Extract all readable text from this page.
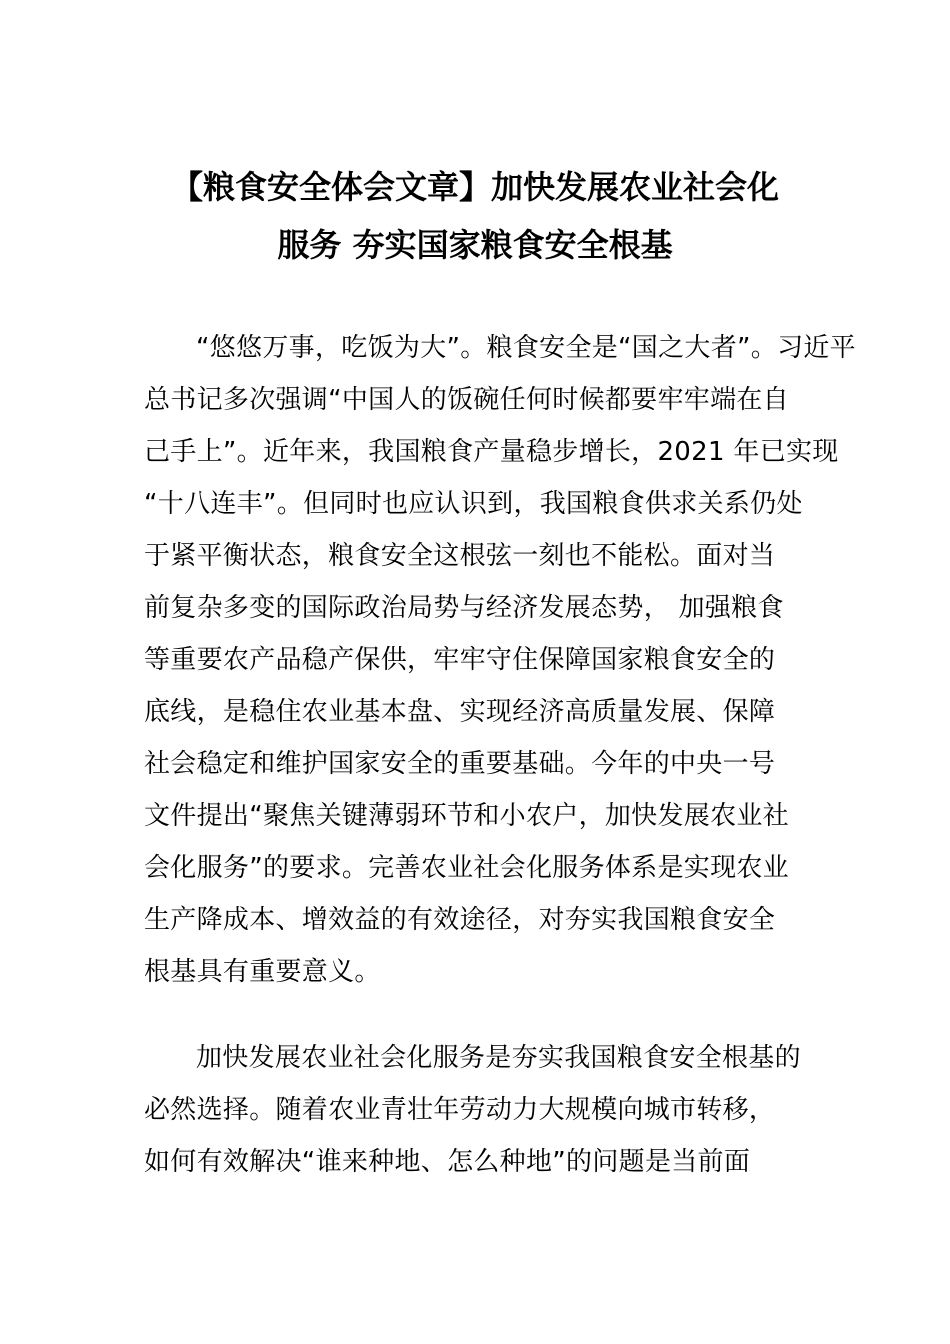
【粮食安全体会文章】加快发展农业社会化
服务 夯实国家粮食安全根基

“悠悠万事，吃饭为大”。粮食安全是“国之大者”。习近平
总书记多次强调“中国人的饭碗任何时候都要牢牢端在自
己手上”。近年来，我国粮食产量稳步增长，2021 年已实现
“十八连丰”。但同时也应认识到，我国粮食供求关系仍处
于紧平衡状态，粮食安全这根弦一刻也不能松。面对当
前复杂多变的国际政治局势与经济发展态势， 加强粮食
等重要农产品稳产保供，牢牢守住保障国家粮食安全的
底线，是稳住农业基本盘、实现经济高质量发展、保障
社会稳定和维护国家安全的重要基础。今年的中央一号
文件提出“聚焦关键薄弱环节和小农户，加快发展农业社
会化服务”的要求。完善农业社会化服务体系是实现农业
生产降成本、增效益的有效途径，对夯实我国粮食安全
根基具有重要意义。

加快发展农业社会化服务是夯实我国粮食安全根基的
必然选择。随着农业青壮年劳动力大规模向城市转移，
如何有效解决“谁来种地、怎么种地”的问题是当前面
